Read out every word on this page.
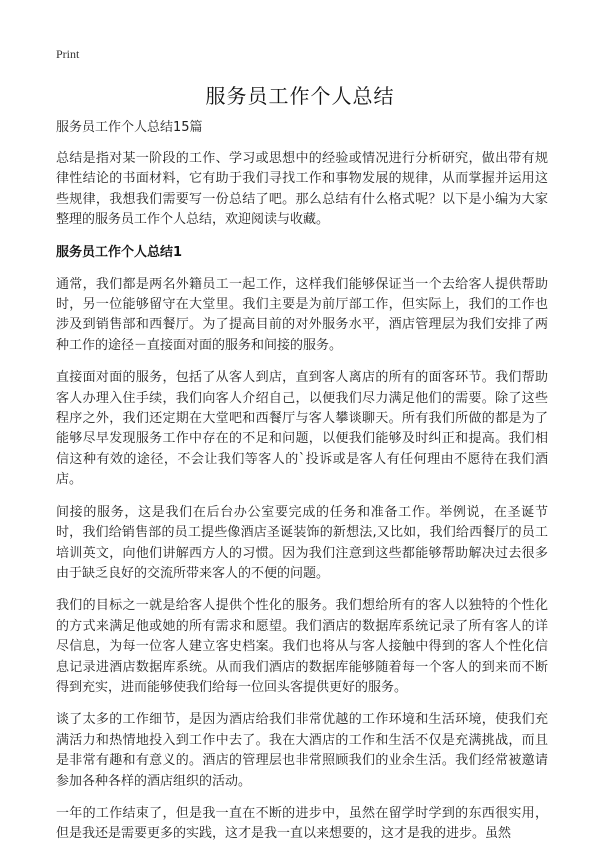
Print
服务员工作个人总结

服务员工作个人总结15篇

总结是指对某一阶段的工作、学习或思想中的经验或情况进行分析研究，做出带有规律性结论的书面材料，它有助于我们寻找工作和事物发展的规律，从而掌握并运用这些规律，我想我们需要写一份总结了吧。那么总结有什么格式呢？以下是小编为大家整理的服务员工作个人总结，欢迎阅读与收藏。

服务员工作个人总结1

通常，我们都是两名外籍员工一起工作，这样我们能够保证当一个去给客人提供帮助时，另一位能够留守在大堂里。我们主要是为前厅部工作，但实际上，我们的工作也涉及到销售部和西餐厅。为了提高目前的对外服务水平，酒店管理层为我们安排了两种工作的途径－直接面对面的服务和间接的服务。

直接面对面的服务，包括了从客人到店，直到客人离店的所有的面客环节。我们帮助客人办理入住手续，我们向客人介绍自己，以便我们尽力满足他们的需要。除了这些程序之外，我们还定期在大堂吧和西餐厅与客人攀谈聊天。所有我们所做的都是为了能够尽早发现服务工作中存在的不足和问题，以便我们能够及时纠正和提高。我们相信这种有效的途径，不会让我们等客人的`投诉或是客人有任何理由不愿待在我们酒店。

间接的服务，这是我们在后台办公室要完成的任务和准备工作。举例说，在圣诞节时，我们给销售部的员工提些像酒店圣诞装饰的新想法,又比如，我们给西餐厅的员工培训英文，向他们讲解西方人的习惯。因为我们注意到这些都能够帮助解决过去很多由于缺乏良好的交流所带来客人的不便的问题。

我们的目标之一就是给客人提供个性化的服务。我们想给所有的客人以独特的个性化的方式来满足他或她的所有需求和愿望。我们酒店的数据库系统记录了所有客人的详尽信息，为每一位客人建立客史档案。我们也将从与客人接触中得到的客人个性化信息记录进酒店数据库系统。从而我们酒店的数据库能够随着每一个客人的到来而不断得到充实，进而能够使我们给每一位回头客提供更好的服务。

谈了太多的工作细节，是因为酒店给我们非常优越的工作环境和生活环境，使我们充满活力和热情地投入到工作中去了。我在大酒店的工作和生活不仅是充满挑战，而且是非常有趣和有意义的。酒店的管理层也非常照顾我们的业余生活。我们经常被邀请参加各种各样的酒店组织的活动。

一年的工作结束了，但是我一直在不断的进步中，虽然在留学时学到的东西很实用，但是我还是需要更多的实践，这才是我一直以来想要的，这才是我的进步。虽然
